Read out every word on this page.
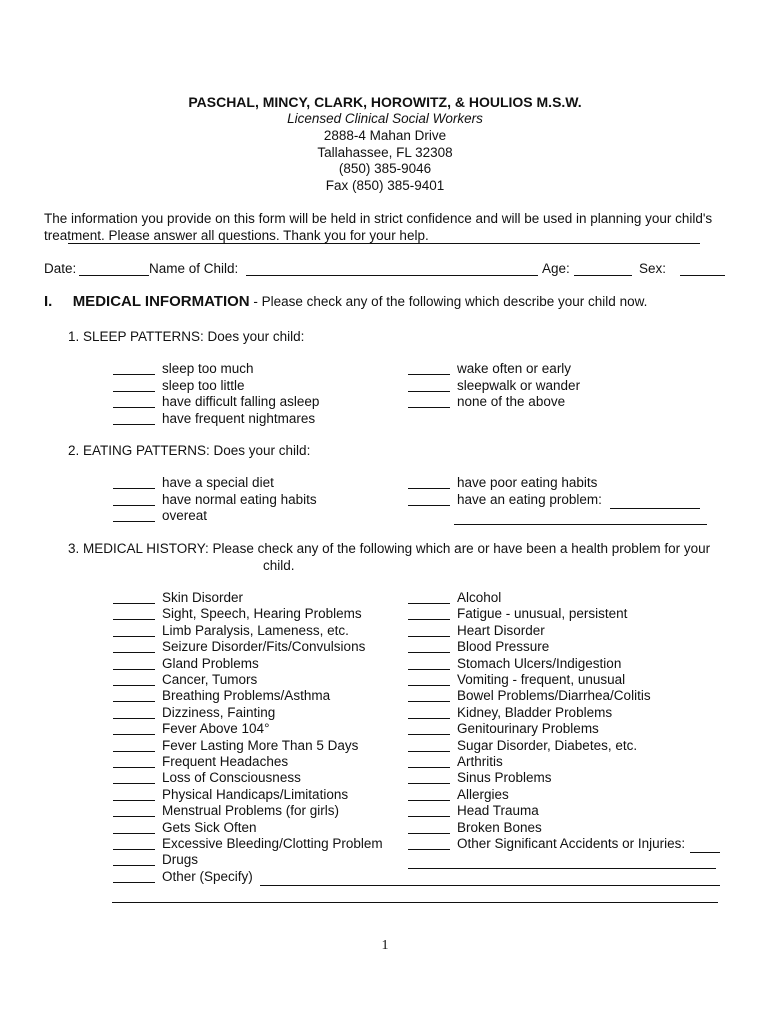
PASCHAL, MINCY, CLARK, HOROWITZ, & HOULIOS M.S.W.
Licensed Clinical Social Workers
2888-4 Mahan Drive
Tallahassee, FL 32308
(850) 385-9046
Fax (850) 385-9401
The information you provide on this form will be held in strict confidence and will be used in planning your child's
treatment. Please answer all questions. Thank you for your help.
Date:	Name of Child:	Age:	Sex:
I. MEDICAL INFORMATION - Please check any of the following which describe your child now.
1. SLEEP PATTERNS: Does your child:
sleep too much
sleep too little
have difficult falling asleep
have frequent nightmares
wake often or early
sleepwalk or wander
none of the above
2. EATING PATTERNS: Does your child:
have a special diet
have normal eating habits
overeat
have poor eating habits
have an eating problem:
3. MEDICAL HISTORY: Please check any of the following which are or have been a health problem for your
child.
Skin Disorder
Sight, Speech, Hearing Problems
Limb Paralysis, Lameness, etc.
Seizure Disorder/Fits/Convulsions
Gland Problems
Cancer, Tumors
Breathing Problems/Asthma
Dizziness, Fainting
Fever Above 104°
Fever Lasting More Than 5 Days
Frequent Headaches
Loss of Consciousness
Physical Handicaps/Limitations
Menstrual Problems (for girls)
Gets Sick Often
Excessive Bleeding/Clotting Problem
Drugs
Other (Specify)
Alcohol
Fatigue - unusual, persistent
Heart Disorder
Blood Pressure
Stomach Ulcers/Indigestion
Vomiting - frequent, unusual
Bowel Problems/Diarrhea/Colitis
Kidney, Bladder Problems
Genitourinary Problems
Sugar Disorder, Diabetes, etc.
Arthritis
Sinus Problems
Allergies
Head Trauma
Broken Bones
Other Significant Accidents or Injuries:
1
